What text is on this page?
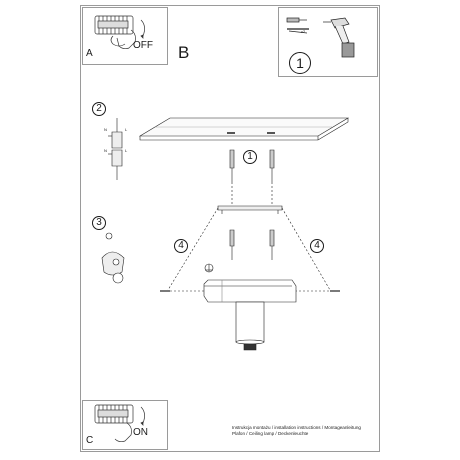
A
OFF B
x2
1
1
2
3
4	4
N	L
N	L
C
ON	Instrukcja montażu / installation instructions / Montageanleitung
Plafon / Ceiling lamp / Deckenleuchte
